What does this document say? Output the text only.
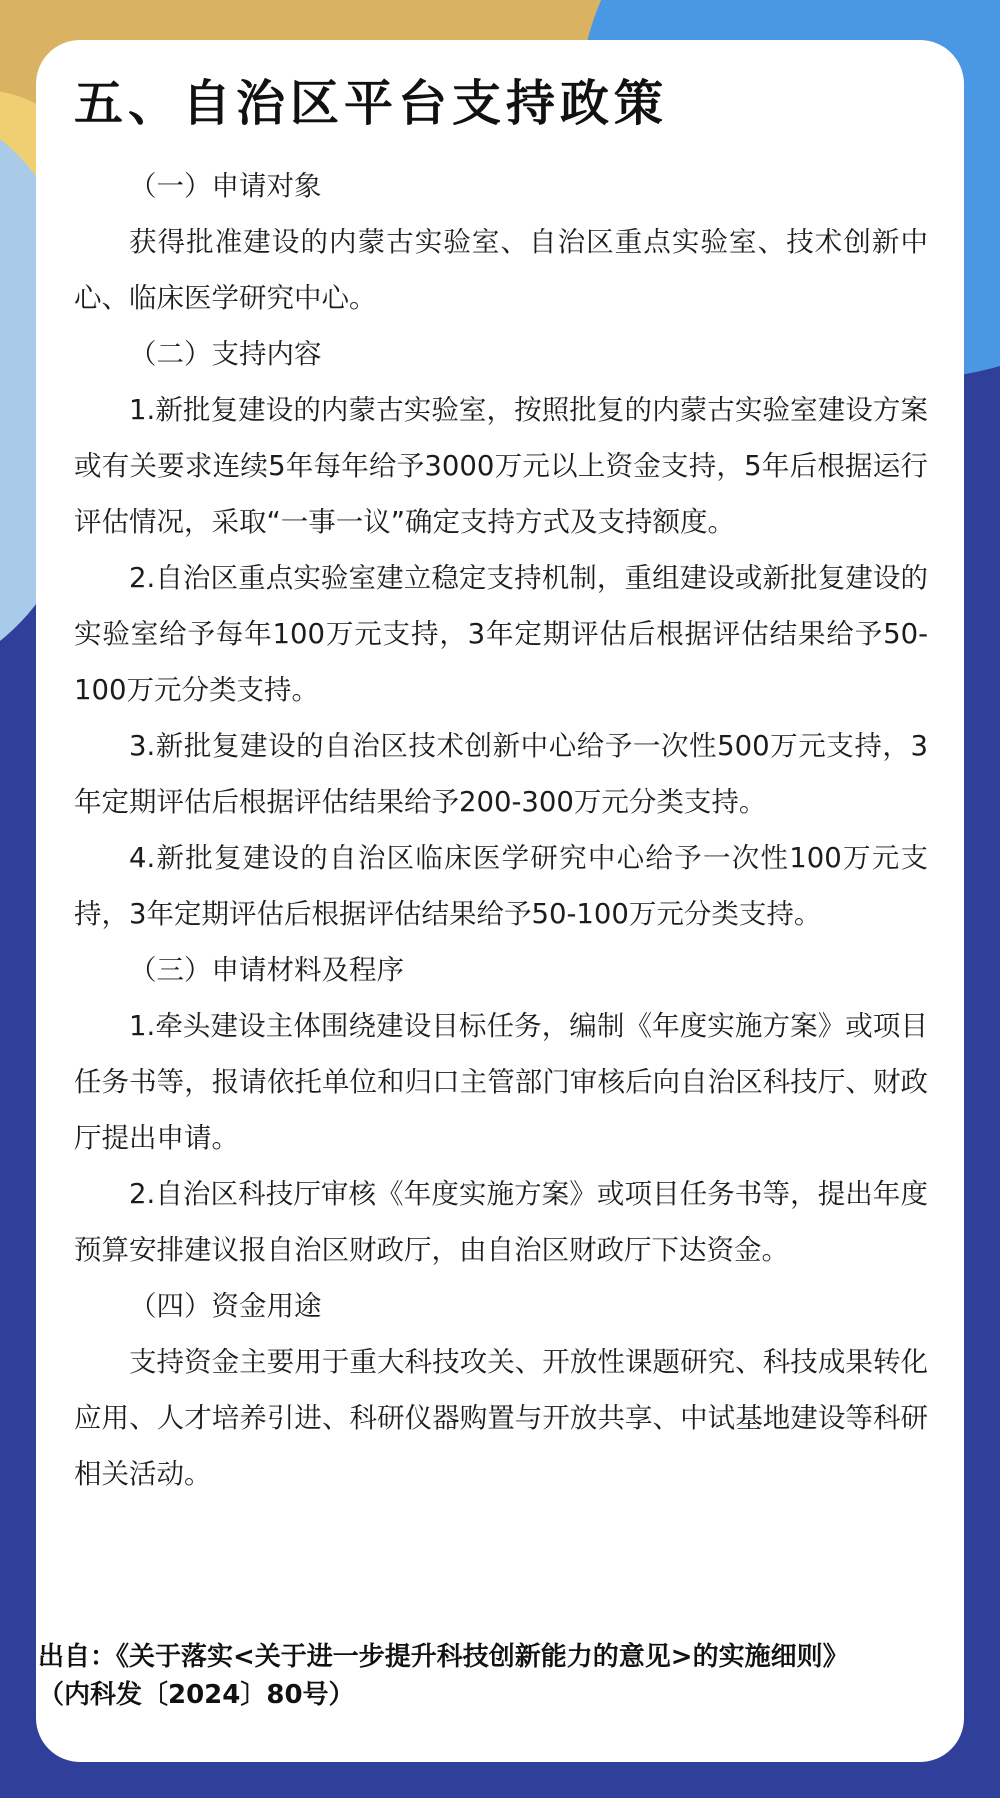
五、自治区平台支持政策

（一）申请对象

获得批准建设的内蒙古实验室、自治区重点实验室、技术创新中心、临床医学研究中心。

（二）支持内容

1.新批复建设的内蒙古实验室，按照批复的内蒙古实验室建设方案或有关要求连续5年每年给予3000万元以上资金支持，5年后根据运行评估情况，采取“一事一议”确定支持方式及支持额度。

2.自治区重点实验室建立稳定支持机制，重组建设或新批复建设的实验室给予每年100万元支持，3年定期评估后根据评估结果给予50-100万元分类支持。

3.新批复建设的自治区技术创新中心给予一次性500万元支持，3年定期评估后根据评估结果给予200-300万元分类支持。

4.新批复建设的自治区临床医学研究中心给予一次性100万元支持，3年定期评估后根据评估结果给予50-100万元分类支持。

（三）申请材料及程序

1.牵头建设主体围绕建设目标任务，编制《年度实施方案》或项目任务书等，报请依托单位和归口主管部门审核后向自治区科技厅、财政厅提出申请。

2.自治区科技厅审核《年度实施方案》或项目任务书等，提出年度预算安排建议报自治区财政厅，由自治区财政厅下达资金。

（四）资金用途

支持资金主要用于重大科技攻关、开放性课题研究、科技成果转化应用、人才培养引进、科研仪器购置与开放共享、中试基地建设等科研相关活动。

出自：《关于落实<关于进一步提升科技创新能力的意见>的实施细则》
（内科发〔2024〕80号）
